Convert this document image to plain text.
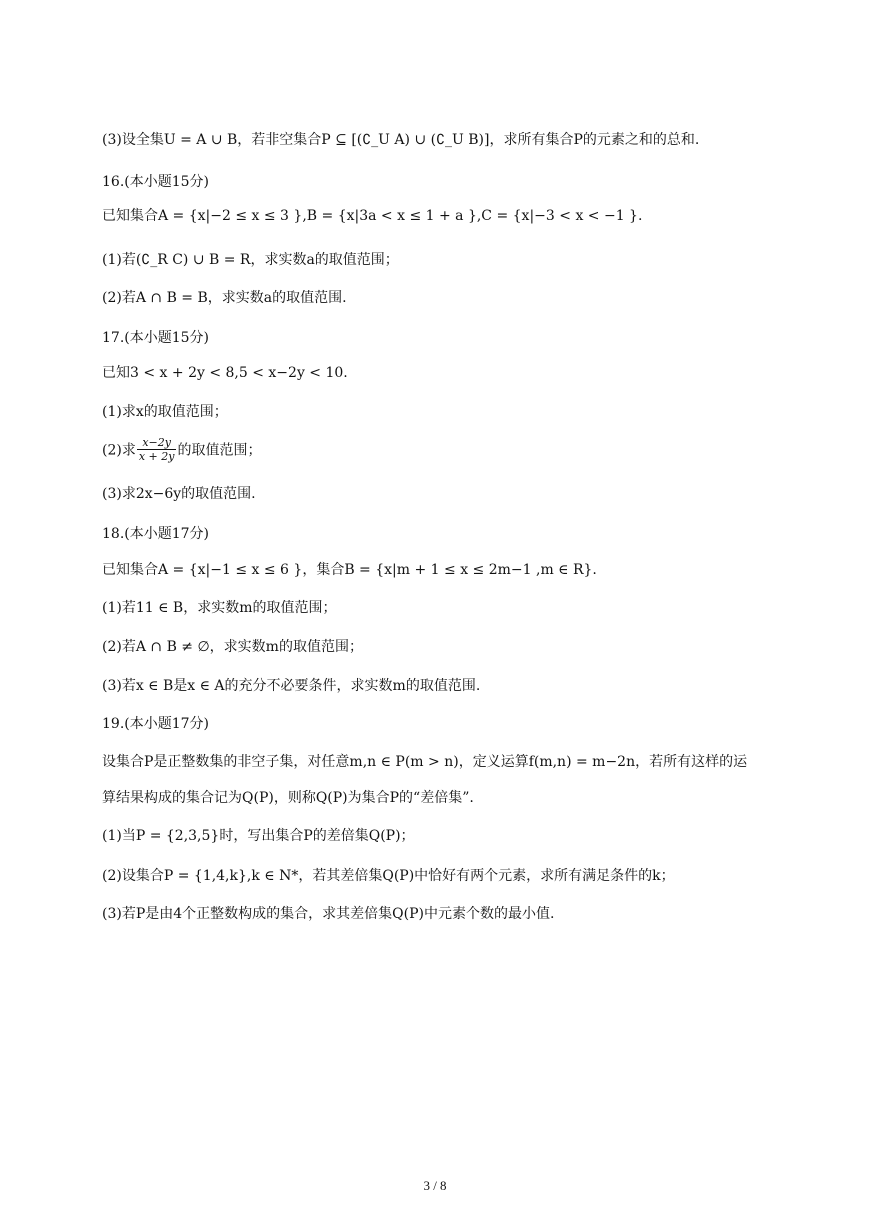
(3)设全集U = A ∪ B，若非空集合P ⊆ [(∁_U A) ∪ (∁_U B)]，求所有集合P的元素之和的总和.
16.(本小题15分)
已知集合A = {x|−2 ≤ x ≤ 3 },B = {x|3a < x ≤ 1 + a },C = {x|−3 < x < −1 }.
(1)若(∁_R C) ∪ B = R，求实数a的取值范围；
(2)若A ∩ B = B，求实数a的取值范围.
17.(本小题15分)
已知3 < x + 2y < 8,5 < x−2y < 10.
(1)求x的取值范围；
(2)求 $\frac{x-2y}{x + 2y}$ 的取值范围；
(3)求2x−6y的取值范围.
18.(本小题17分)
已知集合A = {x|−1 ≤ x ≤ 6 }，集合B = {x|m + 1 ≤ x ≤ 2m−1 ,m ∈ R}.
(1)若11 ∈ B，求实数m的取值范围；
(2)若A ∩ B ≠ ∅，求实数m的取值范围；
(3)若x ∈ B是x ∈ A的充分不必要条件，求实数m的取值范围.
19.(本小题17分)
设集合P是正整数集的非空子集，对任意m,n ∈ P(m > n)，定义运算f(m,n) = m−2n，若所有这样的运
算结果构成的集合记为Q(P)，则称Q(P)为集合P的“差倍集”.
(1)当P = {2,3,5}时，写出集合P的差倍集Q(P)；
(2)设集合P = {1,4,k},k ∈ N*，若其差倍集Q(P)中恰好有两个元素，求所有满足条件的k；
(3)若P是由4个正整数构成的集合，求其差倍集Q(P)中元素个数的最小值.
3 / 8
